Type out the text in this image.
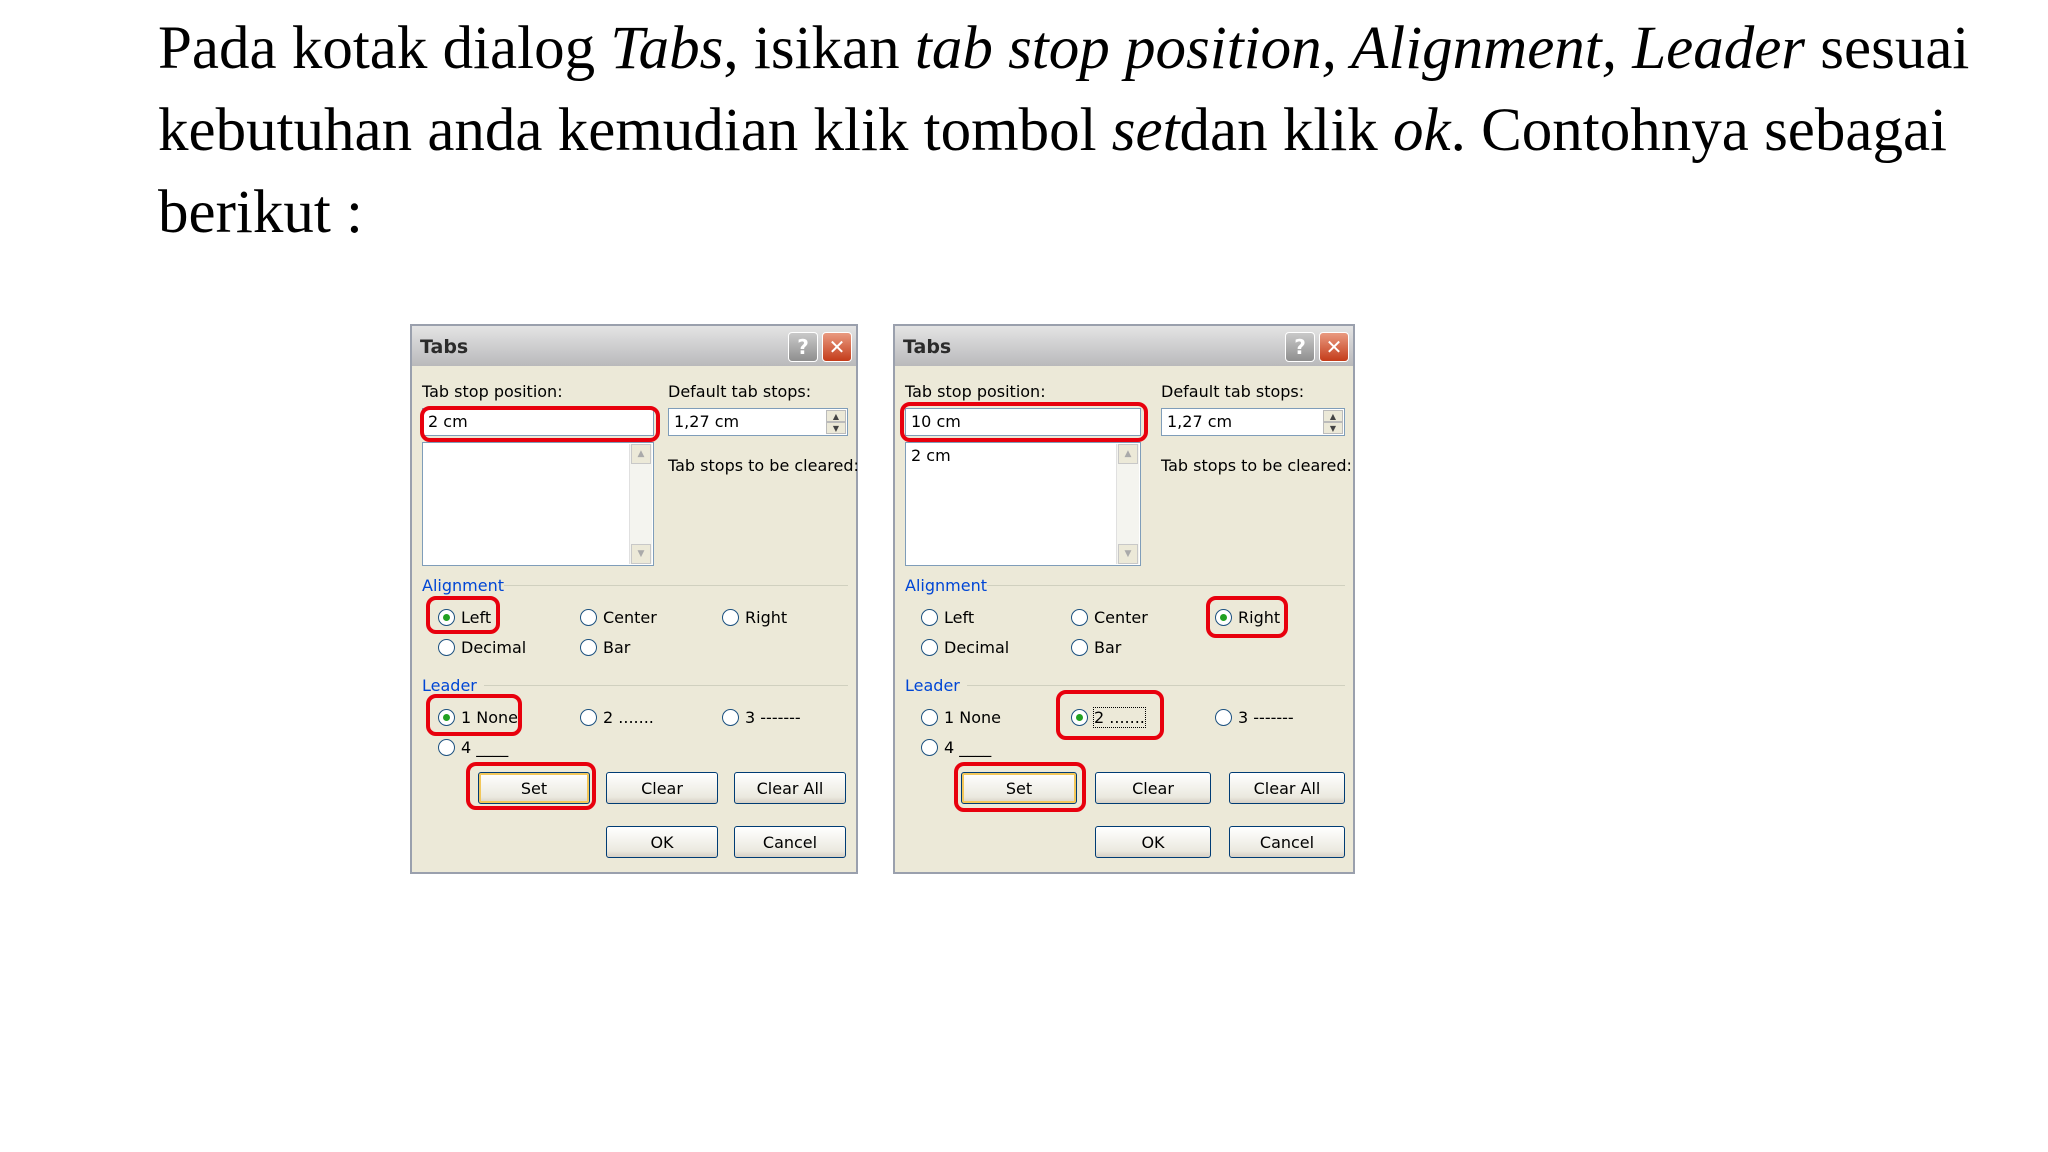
Pada kotak dialog Tabs, isikan tab stop position, Alignment, Leader sesuai
kebutuhan anda kemudian klik tombol setdan klik ok. Contohnya sebagai
berikut :

Tabs	? ✕
Tab stop position:
2 cm
▲
▼
Default tab stops:
1,27 cm	▲
▼
Tab stops to be cleared:
Alignment
Left	Center	Right
Decimal	Bar
Leader
1 None	2 .......	3 -------
4 ____
Set	Clear	Clear All
OK	Cancel
Tabs	? ✕
Tab stop position:
10 cm
2 cm	▲
▼
Default tab stops:
1,27 cm	▲
▼
Tab stops to be cleared:
Alignment
Left	Center	Right
Decimal	Bar
Leader
1 None	2 .......	3 -------
4 ____
Set	Clear	Clear All
OK	Cancel
